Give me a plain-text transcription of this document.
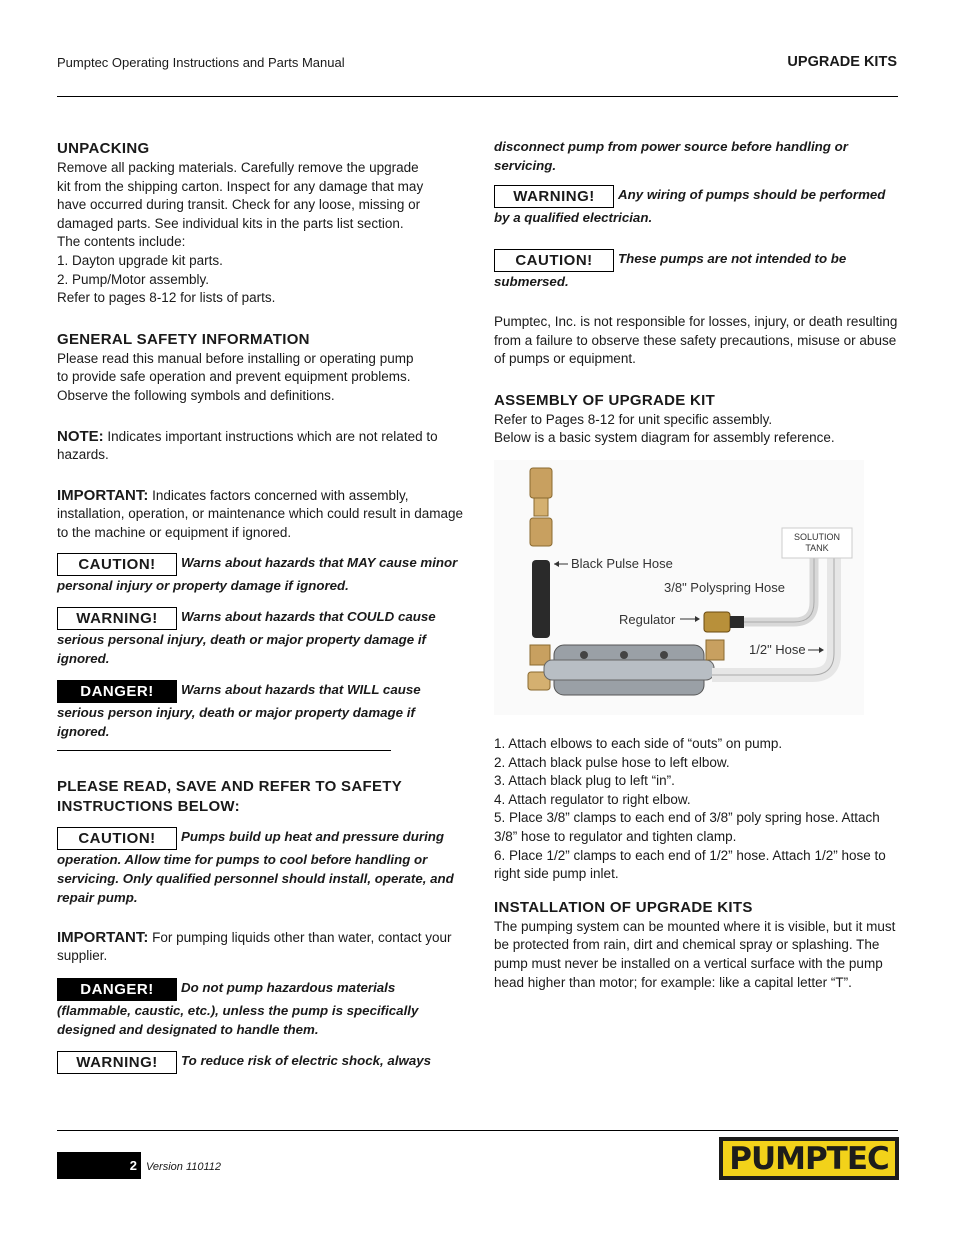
Pumptec Operating Instructions and Parts Manual	UPGRADE KITS
UNPACKING

Remove all packing materials. Carefully remove the upgrade

kit from the shipping carton. Inspect for any damage that may

have occurred during transit. Check for any loose, missing or

damaged parts. See individual kits in the parts list section.

The contents include:

1. Dayton upgrade kit parts.

2. Pump/Motor assembly.

Refer to pages 8-12 for lists of parts.

GENERAL SAFETY INFORMATION

Please read this manual before installing or operating pump

to provide safe operation and prevent equipment problems.

Observe the following symbols and definitions.

NOTE: Indicates important instructions which are not related to hazards.

IMPORTANT: Indicates factors concerned with assembly, installation, operation, or maintenance which could result in damage to the machine or equipment if ignored.

CAUTION! Warns about hazards that MAY cause minor personal injury or property damage if ignored.

WARNING! Warns about hazards that COULD cause serious personal injury, death or major property damage if ignored.

DANGER! Warns about hazards that WILL cause serious person injury, death or major property damage if ignored.

PLEASE READ, SAVE AND REFER TO SAFETY INSTRUCTIONS BELOW:

CAUTION! Pumps build up heat and pressure during operation. Allow time for pumps to cool before handling or servicing. Only qualified personnel should install, operate, and repair pump.

IMPORTANT: For pumping liquids other than water, contact your supplier.

DANGER! Do not pump hazardous materials (flammable, caustic, etc.), unless the pump is specifically designed and designated to handle them.

WARNING! To reduce risk of electric shock, always

disconnect pump from power source before handling or servicing.

WARNING! Any wiring of pumps should be performed by a qualified electrician.

CAUTION! These pumps are not intended to be submersed.

Pumptec, Inc. is not responsible for losses, injury, or death resulting from a failure to observe these safety precautions, misuse or abuse of pumps or equipment.

ASSEMBLY OF UPGRADE KIT

Refer to Pages 8-12 for unit specific assembly.

Below is a basic system diagram for assembly reference.

SOLUTION
TANK
Black Pulse Hose
3/8" Polyspring Hose
Regulator
1/2" Hose

1. Attach elbows to each side of “outs” on pump.

2. Attach black pulse hose to left elbow.

3. Attach black plug to left “in”.

4. Attach regulator to right elbow.

5. Place 3/8” clamps to each end of 3/8” poly spring hose. Attach 3/8” hose to regulator and tighten clamp.

6. Place 1/2” clamps to each end of 1/2” hose. Attach 1/2” hose to right side pump inlet.

INSTALLATION OF UPGRADE KITS

The pumping system can be mounted where it is visible, but it must be protected from rain, dirt and chemical spray or splashing. The pump must never be installed on a vertical surface with the pump head higher than motor; for example: like a capital letter “T”.

2 Version 110112	PUMPTEC
